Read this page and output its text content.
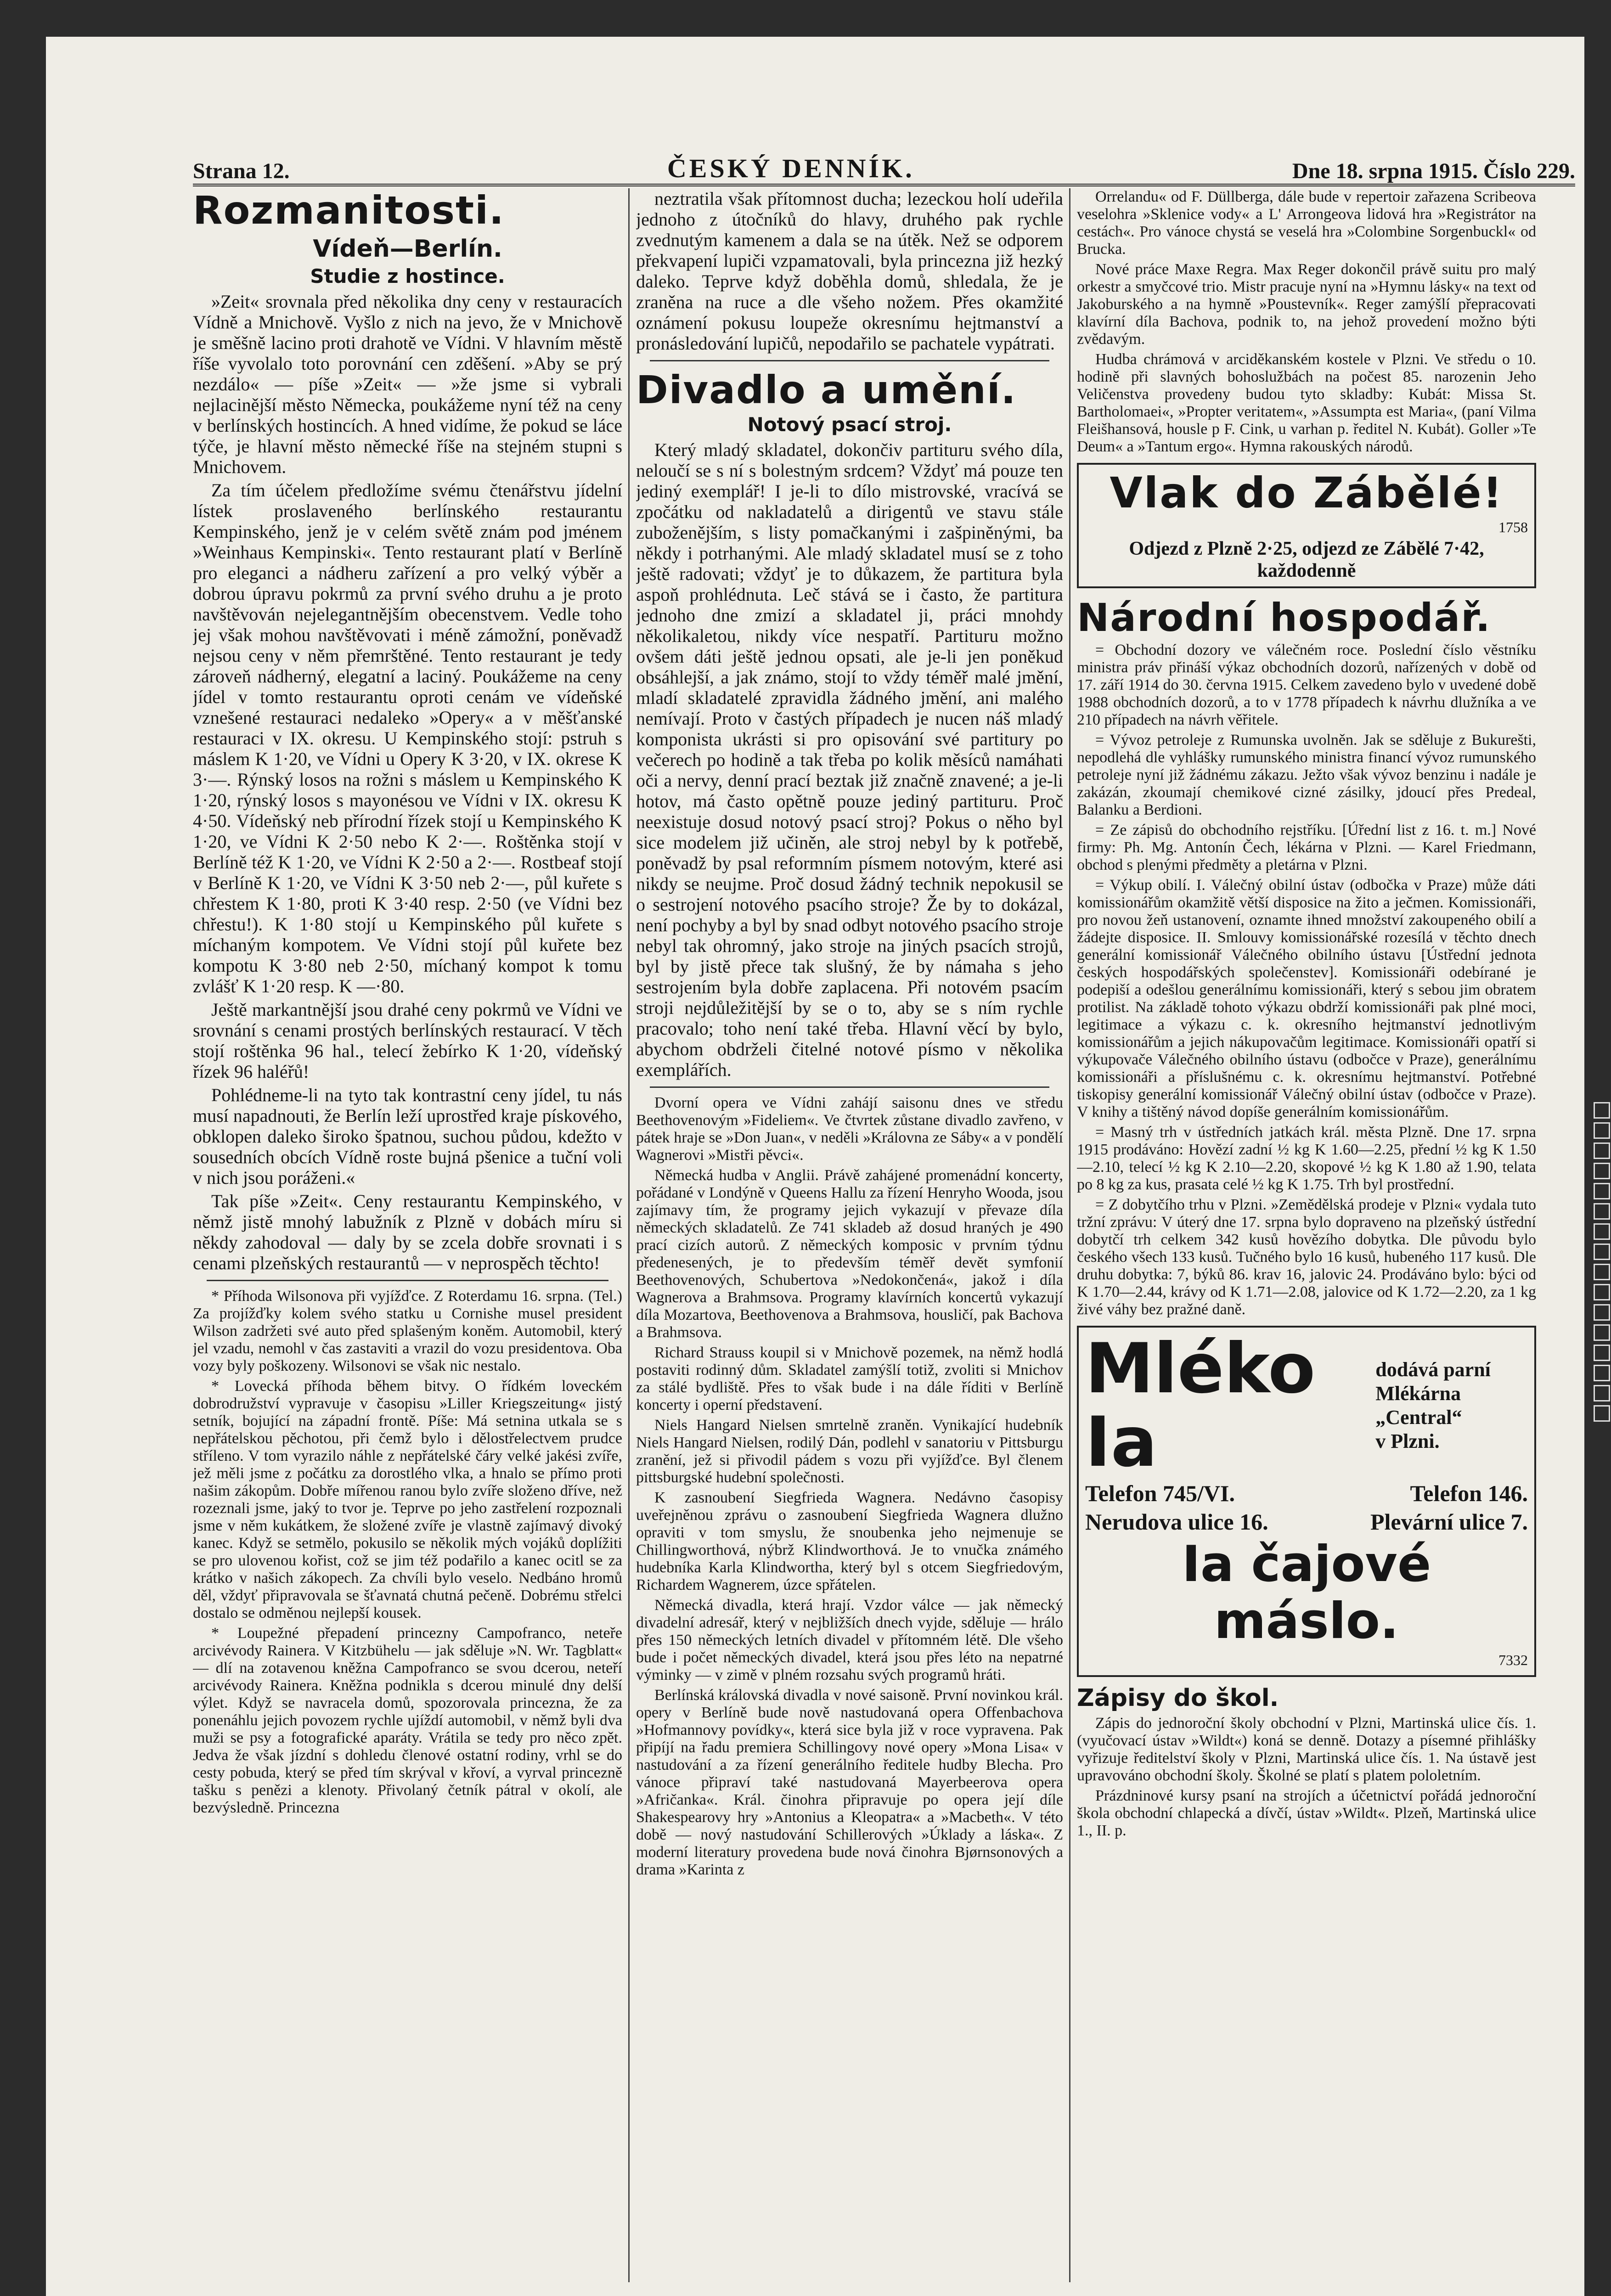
Strana 12.	ČESKÝ DENNÍK.	Dne 18. srpna 1915. Číslo 229.
Rozmanitosti.
Vídeň—Berlín.
Studie z hostince.

»Zeit« srovnala před několika dny ceny v restauracích Vídně a Mnichově. Vyšlo z nich na jevo, že v Mnichově je směšně lacino proti drahotě ve Vídni. V hlavním městě říše vyvolalo toto porovnání cen zděšení. »Aby se prý nezdálo« — píše »Zeit« — »že jsme si vybrali nejlacinější město Německa, poukážeme nyní též na ceny v berlínských hostincích. A hned vidíme, že pokud se láce týče, je hlavní město německé říše na stejném stupni s Mnichovem.

Za tím účelem předložíme svému čtenářstvu jídelní lístek proslaveného berlínského restaurantu Kempinského, jenž je v celém světě znám pod jménem »Weinhaus Kempinski«. Tento restaurant platí v Berlíně pro eleganci a nádheru zařízení a pro velký výběr a dobrou úpravu pokrmů za první svého druhu a je proto navštěvován nejelegantnějším obecenstvem. Vedle toho jej však mohou navštěvovati i méně zámožní, poněvadž nejsou ceny v něm přemrštěné. Tento restaurant je tedy zároveň nádherný, elegatní a laciný. Poukážeme na ceny jídel v tomto restaurantu oproti cenám ve vídeňské vznešené restauraci nedaleko »Opery« a v měšťanské restauraci v IX. okresu. U Kempinského stojí: pstruh s máslem K 1·20, ve Vídni u Opery K 3·20, v IX. okrese K 3·—. Rýnský losos na rožni s máslem u Kempinského K 1·20, rýnský losos s mayonésou ve Vídni v IX. okresu K 4·50. Vídeňský neb přírodní řízek stojí u Kempinského K 1·20, ve Vídni K 2·50 nebo K 2·—. Roštěnka stojí v Berlíně též K 1·20, ve Vídni K 2·50 a 2·—. Rostbeaf stojí v Berlíně K 1·20, ve Vídni K 3·50 neb 2·—, půl kuřete s chřestem K 1·80, proti K 3·40 resp. 2·50 (ve Vídni bez chřestu!). K 1·80 stojí u Kempinského půl kuřete s míchaným kompotem. Ve Vídni stojí půl kuřete bez kompotu K 3·80 neb 2·50, míchaný kompot k tomu zvlášť K 1·20 resp. K —·80.

Ještě markantnější jsou drahé ceny pokrmů ve Vídni ve srovnání s cenami prostých berlínských restaurací. V těch stojí roštěnka 96 hal., telecí žebírko K 1·20, vídeňský řízek 96 haléřů!

Pohlédneme-li na tyto tak kontrastní ceny jídel, tu nás musí napadnouti, že Berlín leží uprostřed kraje pískového, obklopen daleko široko špatnou, suchou půdou, kdežto v sousedních obcích Vídně roste bujná pšenice a tuční voli v nich jsou poráženi.«

Tak píše »Zeit«. Ceny restaurantu Kempinského, v němž jistě mnohý labužník z Plzně v dobách míru si někdy zahodoval — daly by se zcela dobře srovnati i s cenami plzeňských restaurantů — v neprospěch těchto!

* Příhoda Wilsonova při vyjížďce. Z Roterdamu 16. srpna. (Tel.) Za projížďky kolem svého statku u Cornishe musel president Wilson zadržeti své auto před splašeným koněm. Automobil, který jel vzadu, nemohl v čas zastaviti a vrazil do vozu presidentova. Oba vozy byly poškozeny. Wilsonovi se však nic nestalo.

* Lovecká příhoda během bitvy. O řídkém loveckém dobrodružství vypravuje v časopisu »Liller Kriegszeitung« jistý setník, bojující na západní frontě. Píše: Má setnina utkala se s nepřátelskou pěchotou, při čemž bylo i dělostřelectvem prudce stříleno. V tom vyrazilo náhle z nepřátelské čáry velké jakési zvíře, jež měli jsme z počátku za dorostlého vlka, a hnalo se přímo proti našim zákopům. Dobře mířenou ranou bylo zvíře složeno dříve, než rozeznali jsme, jaký to tvor je. Teprve po jeho zastřelení rozpoznali jsme v něm kukátkem, že složené zvíře je vlastně zajímavý divoký kanec. Když se setmělo, pokusilo se několik mých vojáků doplížiti se pro ulovenou kořist, což se jim též podařilo a kanec ocitl se za krátko v našich zákopech. Za chvíli bylo veselo. Nedbáno hromů děl, vždyť připravovala se šťavnatá chutná pečeně. Dobrému střelci dostalo se odměnou nejlepší kousek.

* Loupežné přepadení princezny Campofranco, neteře arcivévody Rainera. V Kitzbühelu — jak sděluje »N. Wr. Tagblatt« — dlí na zotavenou kněžna Campofranco se svou dcerou, neteří arcivévody Rainera. Kněžna podnikla s dcerou minulé dny delší výlet. Když se navracela domů, spozorovala princezna, že za ponenáhlu jejich povozem rychle ujíždí automobil, v němž byli dva muži se psy a fotografické aparáty. Vrátila se tedy pro něco zpět. Jedva že však jízdní s dohledu členové ostatní rodiny, vrhl se do cesty pobuda, který se před tím skrýval v křoví, a vyrval princezně tašku s penězi a klenoty. Přivolaný četník pátral v okolí, ale bezvýsledně. Princezna

neztratila však přítomnost ducha; lezeckou holí udeřila jednoho z útočníků do hlavy, druhého pak rychle zvednutým kamenem a dala se na útěk. Než se odporem překvapení lupiči vzpamatovali, byla princezna již hezký daleko. Teprve když doběhla domů, shledala, že je zraněna na ruce a dle všeho nožem. Přes okamžité oznámení pokusu loupeže okresnímu hejtmanství a pronásledování lupičů, nepodařilo se pachatele vypátrati.

Divadlo a umění.
Notový psací stroj.

Který mladý skladatel, dokončiv partituru svého díla, neloučí se s ní s bolestným srdcem? Vždyť má pouze ten jediný exemplář! I je-li to dílo mistrovské, vracívá se zpočátku od nakladatelů a dirigentů ve stavu stále zuboženějším, s listy pomačkanými i zašpiněnými, ba někdy i potrhanými. Ale mladý skladatel musí se z toho ještě radovati; vždyť je to důkazem, že partitura byla aspoň prohlédnuta. Leč stává se i často, že partitura jednoho dne zmizí a skladatel ji, práci mnohdy několikaletou, nikdy více nespatří. Partituru možno ovšem dáti ještě jednou opsati, ale je-li jen poněkud obsáhlejší, a jak známo, stojí to vždy téměř malé jmění, mladí skladatelé zpravidla žádného jmění, ani malého nemívají. Proto v častých případech je nucen náš mladý komponista ukrásti si pro opisování své partitury po večerech po hodině a tak třeba po kolik měsíců namáhati oči a nervy, denní prací beztak již značně znavené; a je-li hotov, má často opětně pouze jediný partituru. Proč neexistuje dosud notový psací stroj? Pokus o něho byl sice modelem již učiněn, ale stroj nebyl by k potřebě, poněvadž by psal reformním písmem notovým, které asi nikdy se neujme. Proč dosud žádný technik nepokusil se o sestrojení notového psacího stroje? Že by to dokázal, není pochyby a byl by snad odbyt notového psacího stroje nebyl tak ohromný, jako stroje na jiných psacích strojů, byl by jistě přece tak slušný, že by námaha s jeho sestrojením byla dobře zaplacena. Při notovém psacím stroji nejdůležitější by se o to, aby se s ním rychle pracovalo; toho není také třeba. Hlavní věcí by bylo, abychom obdrželi čitelné notové písmo v několika exemplářích.

Dvorní opera ve Vídni zahájí saisonu dnes ve středu Beethovenovým »Fideliem«. Ve čtvrtek zůstane divadlo zavřeno, v pátek hraje se »Don Juan«, v neděli »Královna ze Sáby« a v pondělí Wagnerovi »Mistři pěvci«.

Německá hudba v Anglii. Právě zahájené promenádní koncerty, pořádané v Londýně v Queens Hallu za řízení Henryho Wooda, jsou zajímavy tím, že programy jejich vykazují v převaze díla německých skladatelů. Ze 741 skladeb až dosud hraných je 490 prací cizích autorů. Z německých komposic v prvním týdnu předenesených, je to především téměř devět symfonií Beethovenových, Schubertova »Nedokončená«, jakož i díla Wagnerova a Brahmsova. Programy klavírních koncertů vykazují díla Mozartova, Beethovenova a Brahmsova, housličí, pak Bachova a Brahmsova.

Richard Strauss koupil si v Mnichově pozemek, na němž hodlá postaviti rodinný dům. Skladatel zamýšlí totiž, zvoliti si Mnichov za stálé bydliště. Přes to však bude i na dále říditi v Berlíně koncerty i operní představení.

Niels Hangard Nielsen smrtelně zraněn. Vynikající hudebník Niels Hangard Nielsen, rodilý Dán, podlehl v sanatoriu v Pittsburgu zranění, jež si přivodil pádem s vozu při vyjížďce. Byl členem pittsburgské hudební společnosti.

K zasnoubení Siegfrieda Wagnera. Nedávno časopisy uveřejněnou zprávu o zasnoubení Siegfrieda Wagnera dlužno opraviti v tom smyslu, že snoubenka jeho nejmenuje se Chillingworthová, nýbrž Klindworthová. Je to vnučka známého hudebníka Karla Klindwortha, který byl s otcem Siegfriedovým, Richardem Wagnerem, úzce spřátelen.

Německá divadla, která hrají. Vzdor válce — jak německý divadelní adresář, který v nejbližších dnech vyjde, sděluje — hrálo přes 150 německých letních divadel v přítomném létě. Dle všeho bude i počet německých divadel, která jsou přes léto na nepatrné výminky — v zimě v plném rozsahu svých programů hráti.

Berlínská královská divadla v nové saisoně. První novinkou král. opery v Berlíně bude nově nastudovaná opera Offenbachova »Hofmannovy povídky«, která sice byla již v roce vypravena. Pak připíjí na řadu premiera Schillingovy nové opery »Mona Lisa« v nastudování a za řízení generálního ředitele hudby Blecha. Pro vánoce připraví také nastudovaná Mayerbeerova opera »Afričanka«. Král. činohra připravuje po opera její díle Shakespearovy hry »Antonius a Kleopatra« a »Macbeth«. V této době — nový nastudování Schillerových »Úklady a láska«. Z moderní literatury provedena bude nová činohra Bjørnsonových a drama »Karinta z

Orrelandu« od F. Düllberga, dále bude v repertoir zařazena Scribeova veselohra »Sklenice vody« a L' Arrongeova lidová hra »Registrátor na cestách«. Pro vánoce chystá se veselá hra »Colombine Sorgenbuckl« od Brucka.

Nové práce Maxe Regra. Max Reger dokončil právě suitu pro malý orkestr a smyčcové trio. Mistr pracuje nyní na »Hymnu lásky« na text od Jakoburského a na hymně »Poustevník«. Reger zamýšlí přepracovati klavírní díla Bachova, podnik to, na jehož provedení možno býti zvědavým.

Hudba chrámová v arciděkanském kostele v Plzni. Ve středu o 10. hodině při slavných bohoslužbách na počest 85. narozenin Jeho Veličenstva provedeny budou tyto skladby: Kubát: Missa St. Bartholomaei«, »Propter veritatem«, »Assumpta est Maria«, (paní Vilma Fleišhansová, housle p F. Cink, u varhan p. ředitel N. Kubát). Goller »Te Deum« a »Tantum ergo«. Hymna rakouských národů.

Vlak do Zábělé!
1758
Odjezd z Plzně 2·25, odjezd ze Zábělé 7·42, každodenně
Národní hospodář.

= Obchodní dozory ve válečném roce. Poslední číslo věstníku ministra práv přináší výkaz obchodních dozorů, nařízených v době od 17. září 1914 do 30. června 1915. Celkem zavedeno bylo v uvedené době 1988 obchodních dozorů, a to v 1778 případech k návrhu dlužníka a ve 210 případech na návrh věřitele.

= Vývoz petroleje z Rumunska uvolněn. Jak se sděluje z Bukurešti, nepodlehá dle vyhlášky rumunského ministra financí vývoz rumunského petroleje nyní již žádnému zákazu. Ježto však vývoz benzinu i nadále je zakázán, zkoumají chemikové cizné zásilky, jdoucí přes Predeal, Balanku a Berdioni.

= Ze zápisů do obchodního rejstříku. [Úřední list z 16. t. m.] Nové firmy: Ph. Mg. Antonín Čech, lékárna v Plzni. — Karel Friedmann, obchod s plenými předměty a pletárna v Plzni.

= Výkup obilí. I. Válečný obilní ústav (odbočka v Praze) může dáti komissionářům okamžitě větší disposice na žito a ječmen. Komissionáři, pro novou žeň ustanovení, oznamte ihned množství zakoupeného obilí a žádejte disposice. II. Smlouvy komissionářské rozesílá v těchto dnech generální komissionář Válečného obilního ústavu [Ústřední jednota českých hospodářských společenstev]. Komissionáři odebírané je podepiší a odešlou generálnímu komissionáři, který s sebou jim obratem protilist. Na základě tohoto výkazu obdrží komissionáři pak plné moci, legitimace a výkazu c. k. okresního hejtmanství jednotlivým komissionářům a jejich nákupovačům legitimace. Komissionáři opatří si výkupovače Válečného obilního ústavu (odbočce v Praze), generálnímu komissionáři a příslušnému c. k. okresnímu hejtmanství. Potřebné tiskopisy generální komissionář Válečný obilní ústav (odbočce v Praze). V knihy a tištěný návod dopíše generálním komissionářům.

= Masný trh v ústředních jatkách král. města Plzně. Dne 17. srpna 1915 prodáváno: Hovězí zadní ½ kg K 1.60—2.25, přední ½ kg K 1.50—2.10, telecí ½ kg K 2.10—2.20, skopové ½ kg K 1.80 až 1.90, telata po 8 kg za kus, prasata celé ½ kg K 1.75. Trh byl prostřední.

= Z dobytčího trhu v Plzni. »Zemědělská prodeje v Plzni« vydala tuto tržní zprávu: V úterý dne 17. srpna bylo dopraveno na plzeňský ústřední dobytčí trh celkem 342 kusů hovězího dobytka. Dle původu bylo českého všech 133 kusů. Tučného bylo 16 kusů, hubeného 117 kusů. Dle druhu dobytka: 7, býků 86. krav 16, jalovic 24. Prodáváno bylo: býci od K 1.70—2.44, krávy od K 1.71—2.08, jalovice od K 1.72—2.20, za 1 kg živé váhy bez pražné daně.

Mléko Ia
dodává parní
Mlékárna „Central“
v Plzni.
Telefon 745/VI.	Telefon 146.
Nerudova ulice 16.	Plevární ulice 7.
Ia čajové máslo.
7332
Zápisy do škol.

Zápis do jednoroční školy obchodní v Plzni, Martinská ulice čís. 1. (vyučovací ústav »Wildt«) koná se denně. Dotazy a písemné přihlášky vyřizuje ředitelství školy v Plzni, Martinská ulice čís. 1. Na ústavě jest upravováno obchodní školy. Školné se platí s platem pololetním.

Prázdninové kursy psaní na strojích a účetnictví pořádá jednoroční škola obchodní chlapecká a dívčí, ústav »Wildt«. Plzeň, Martinská ulice 1., II. p.
